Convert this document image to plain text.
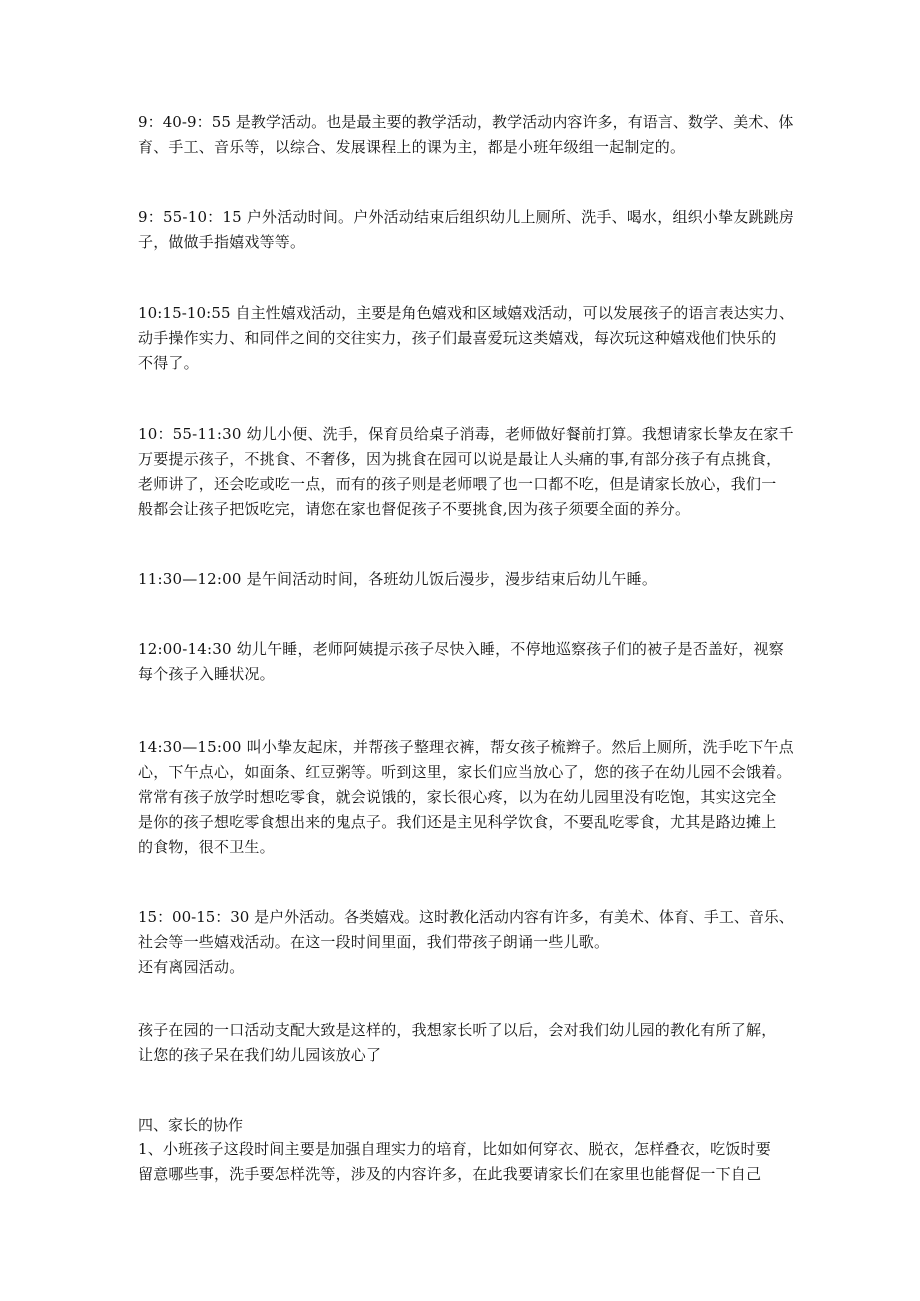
9：40-9：55 是教学活动。也是最主要的教学活动，教学活动内容许多，有语言、数学、美术、体
育、手工、音乐等，以综合、发展课程上的课为主，都是小班年级组一起制定的。
9：55-10：15 户外活动时间。户外活动结束后组织幼儿上厕所、洗手、喝水，组织小挚友跳跳房
子，做做手指嬉戏等等。
10:15-10:55 自主性嬉戏活动，主要是角色嬉戏和区域嬉戏活动，可以发展孩子的语言表达实力、
动手操作实力、和同伴之间的交往实力，孩子们最喜爱玩这类嬉戏，每次玩这种嬉戏他们快乐的
不得了。
10：55-11:30 幼儿小便、洗手，保育员给桌子消毒，老师做好餐前打算。我想请家长挚友在家千
万要提示孩子，不挑食、不奢侈，因为挑食在园可以说是最让人头痛的事,有部分孩子有点挑食，
老师讲了，还会吃或吃一点，而有的孩子则是老师喂了也一口都不吃，但是请家长放心，我们一
般都会让孩子把饭吃完，请您在家也督促孩子不要挑食,因为孩子须要全面的养分。
11:30—12:00 是午间活动时间，各班幼儿饭后漫步，漫步结束后幼儿午睡。
12:00-14:30 幼儿午睡，老师阿姨提示孩子尽快入睡，不停地巡察孩子们的被子是否盖好，视察
每个孩子入睡状况。
14:30—15:00 叫小挚友起床，并帮孩子整理衣裤，帮女孩子梳辫子。然后上厕所，洗手吃下午点
心，下午点心，如面条、红豆粥等。听到这里，家长们应当放心了，您的孩子在幼儿园不会饿着。
常常有孩子放学时想吃零食，就会说饿的，家长很心疼，以为在幼儿园里没有吃饱，其实这完全
是你的孩子想吃零食想出来的鬼点子。我们还是主见科学饮食，不要乱吃零食，尤其是路边摊上
的食物，很不卫生。
15：00-15：30 是户外活动。各类嬉戏。这时教化活动内容有许多，有美术、体育、手工、音乐、
社会等一些嬉戏活动。在这一段时间里面，我们带孩子朗诵一些儿歌。
还有离园活动。
孩子在园的一口活动支配大致是这样的，我想家长听了以后，会对我们幼儿园的教化有所了解，
让您的孩子呆在我们幼儿园该放心了
四、家长的协作
1、小班孩子这段时间主要是加强自理实力的培育，比如如何穿衣、脱衣，怎样叠衣，吃饭时要
留意哪些事，洗手要怎样洗等，涉及的内容许多，在此我要请家长们在家里也能督促一下自己
